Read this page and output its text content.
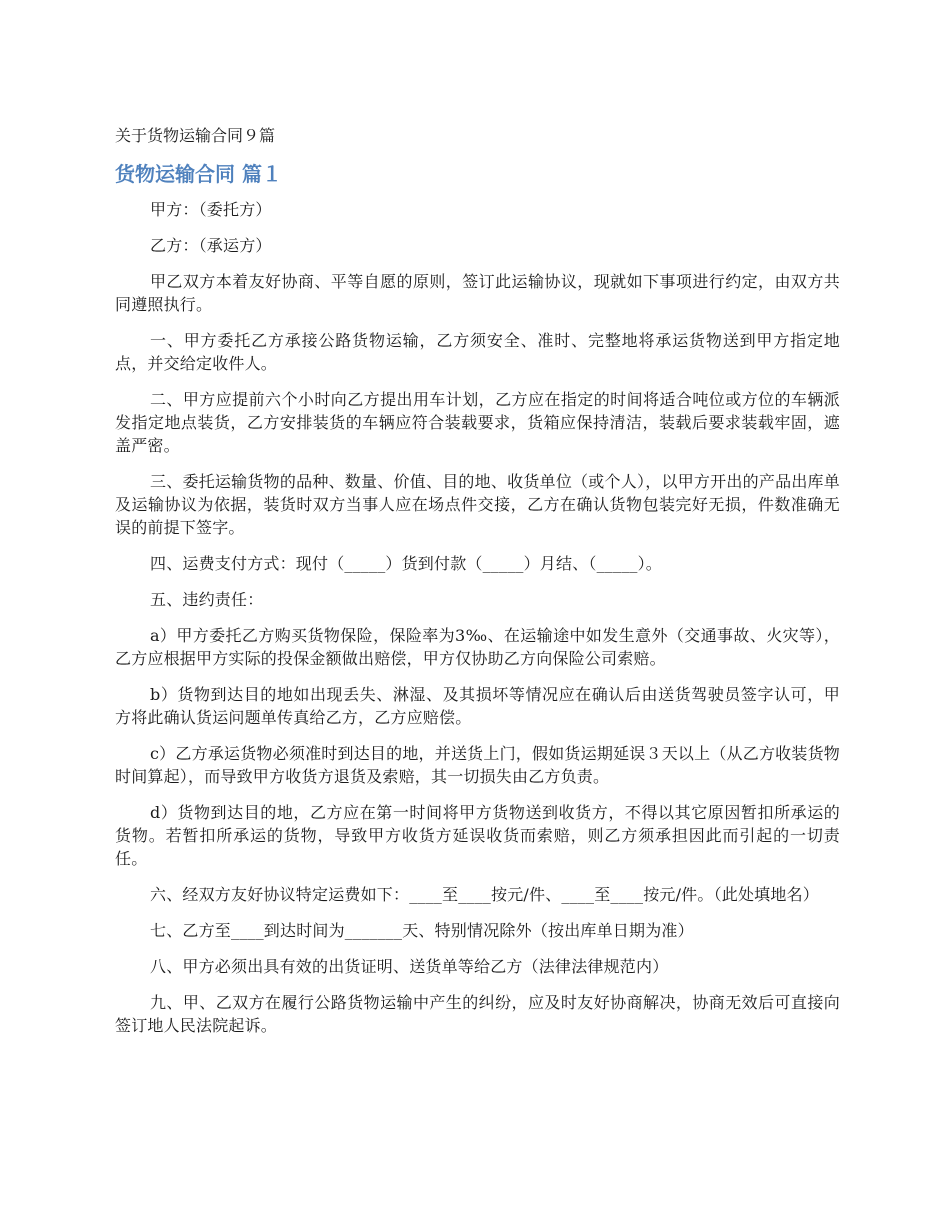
关于货物运输合同９篇
货物运输合同 篇１

甲方：（委托方）

乙方：（承运方）

甲乙双方本着友好协商、平等自愿的原则，签订此运输协议，现就如下事项进行约定，由双方共同遵照执行。

一、甲方委托乙方承接公路货物运输，乙方须安全、准时、完整地将承运货物送到甲方指定地点，并交给定收件人。

二、甲方应提前六个小时向乙方提出用车计划，乙方应在指定的时间将适合吨位或方位的车辆派发指定地点装货，乙方安排装货的车辆应符合装载要求，货箱应保持清洁，装载后要求装载牢固，遮盖严密。

三、委托运输货物的品种、数量、价值、目的地、收货单位（或个人），以甲方开出的产品出库单及运输协议为依据，装货时双方当事人应在场点件交接，乙方在确认货物包装完好无损，件数准确无误的前提下签字。

四、运费支付方式：现付（_____）货到付款（_____）月结、（_____）。

五、违约责任：

a）甲方委托乙方购买货物保险，保险率为3‰、在运输途中如发生意外（交通事故、火灾等），乙方应根据甲方实际的投保金额做出赔偿，甲方仅协助乙方向保险公司索赔。

b）货物到达目的地如出现丢失、淋湿、及其损坏等情况应在确认后由送货驾驶员签字认可，甲方将此确认货运问题单传真给乙方，乙方应赔偿。

c）乙方承运货物必须准时到达目的地，并送货上门，假如货运期延误３天以上（从乙方收装货物时间算起），而导致甲方收货方退货及索赔，其一切损失由乙方负责。

d）货物到达目的地，乙方应在第一时间将甲方货物送到收货方，不得以其它原因暂扣所承运的货物。若暂扣所承运的货物，导致甲方收货方延误收货而索赔，则乙方须承担因此而引起的一切责任。

六、经双方友好协议特定运费如下：____至____按元/件、____至____按元/件。（此处填地名）

七、乙方至____到达时间为_______天、特别情况除外（按出库单日期为准）

八、甲方必须出具有效的出货证明、送货单等给乙方（法律法律规范内）

九、甲、乙双方在履行公路货物运输中产生的纠纷，应及时友好协商解决，协商无效后可直接向签订地人民法院起诉。
